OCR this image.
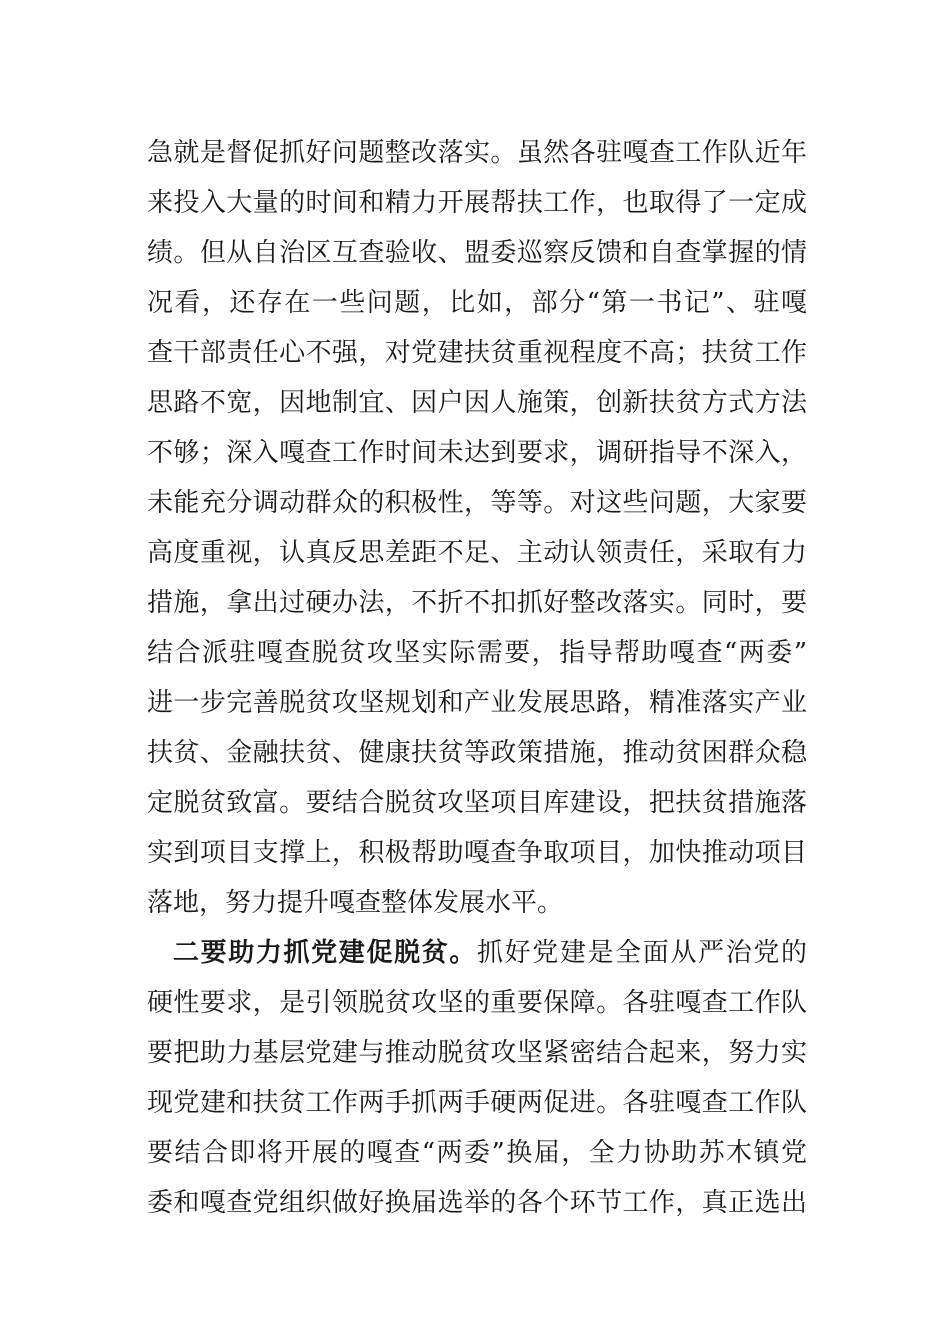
急就是督促抓好问题整改落实。虽然各驻嘎查工作队近年
来投入大量的时间和精力开展帮扶工作，也取得了一定成
绩。但从自治区互查验收、盟委巡察反馈和自查掌握的情
况看，还存在一些问题，比如，部分“第一书记”、驻嘎
查干部责任心不强，对党建扶贫重视程度不高；扶贫工作
思路不宽，因地制宜、因户因人施策，创新扶贫方式方法
不够；深入嘎查工作时间未达到要求，调研指导不深入，
未能充分调动群众的积极性，等等。对这些问题，大家要
高度重视，认真反思差距不足、主动认领责任，采取有力
措施，拿出过硬办法，不折不扣抓好整改落实。同时，要
结合派驻嘎查脱贫攻坚实际需要，指导帮助嘎查“两委”
进一步完善脱贫攻坚规划和产业发展思路，精准落实产业
扶贫、金融扶贫、健康扶贫等政策措施，推动贫困群众稳
定脱贫致富。要结合脱贫攻坚项目库建设，把扶贫措施落
实到项目支撑上，积极帮助嘎查争取项目，加快推动项目
落地，努力提升嘎查整体发展水平。
二要助力抓党建促脱贫。抓好党建是全面从严治党的
硬性要求，是引领脱贫攻坚的重要保障。各驻嘎查工作队
要把助力基层党建与推动脱贫攻坚紧密结合起来，努力实
现党建和扶贫工作两手抓两手硬两促进。各驻嘎查工作队
要结合即将开展的嘎查“两委”换届，全力协助苏木镇党
委和嘎查党组织做好换届选举的各个环节工作，真正选出
